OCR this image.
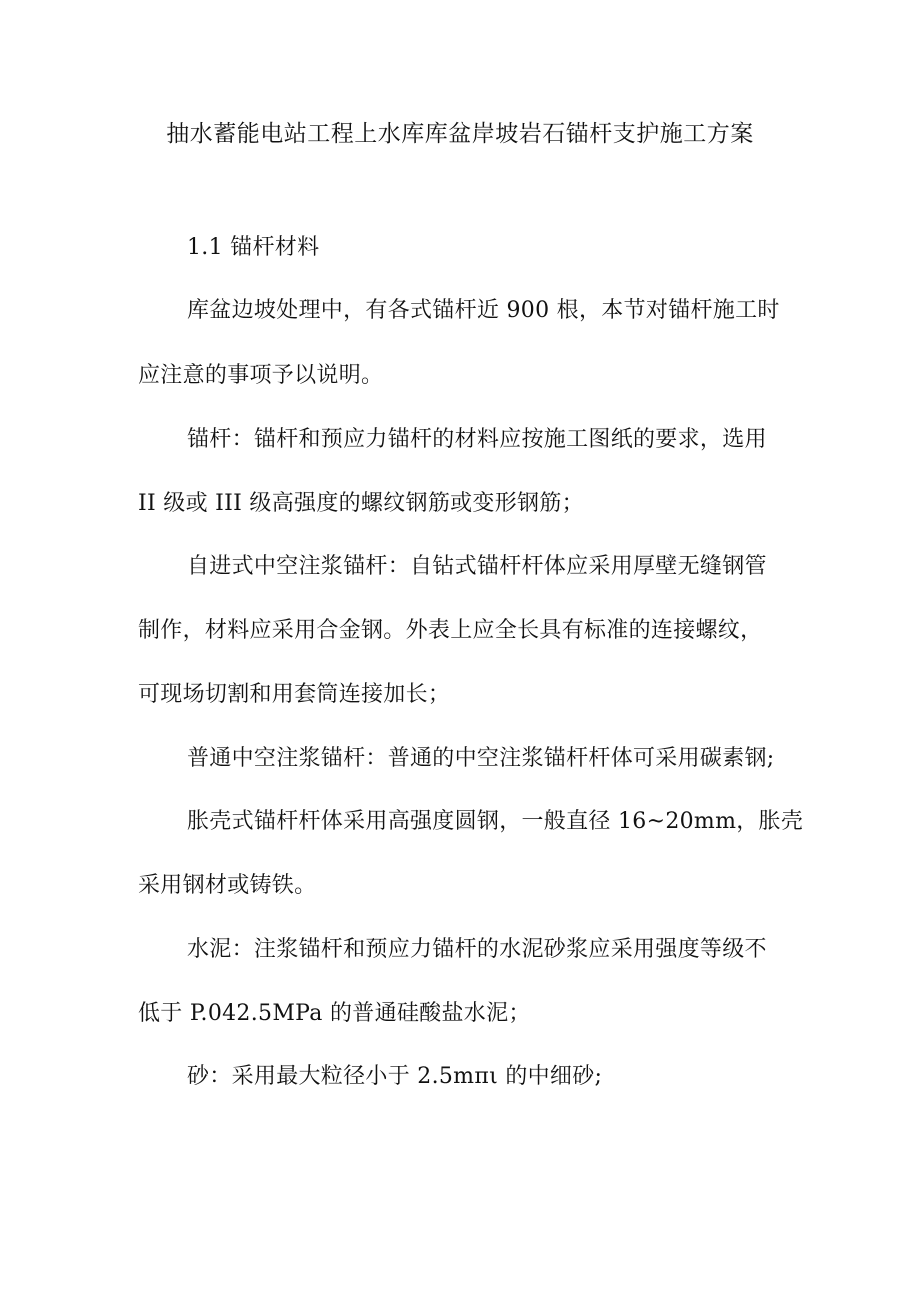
抽水蓄能电站工程上水库库盆岸坡岩石锚杆支护施工方案
1.1 锚杆材料
库盆边坡处理中，有各式锚杆近 900 根，本节对锚杆施工时
应注意的事项予以说明。
锚杆：锚杆和预应力锚杆的材料应按施工图纸的要求，选用
II 级或 III 级高强度的螺纹钢筋或变形钢筋；
自进式中空注浆锚杆：自钻式锚杆杆体应采用厚壁无缝钢管
制作，材料应采用合金钢。外表上应全长具有标准的连接螺纹，
可现场切割和用套筒连接加长；
普通中空注浆锚杆：普通的中空注浆锚杆杆体可采用碳素钢;
胀壳式锚杆杆体采用高强度圆钢，一般直径 16~20mm，胀壳
采用钢材或铸铁。
水泥：注浆锚杆和预应力锚杆的水泥砂浆应采用强度等级不
低于 P.042.5MPa 的普通硅酸盐水泥；
砂：采用最大粒径小于 2.5mπι 的中细砂;
